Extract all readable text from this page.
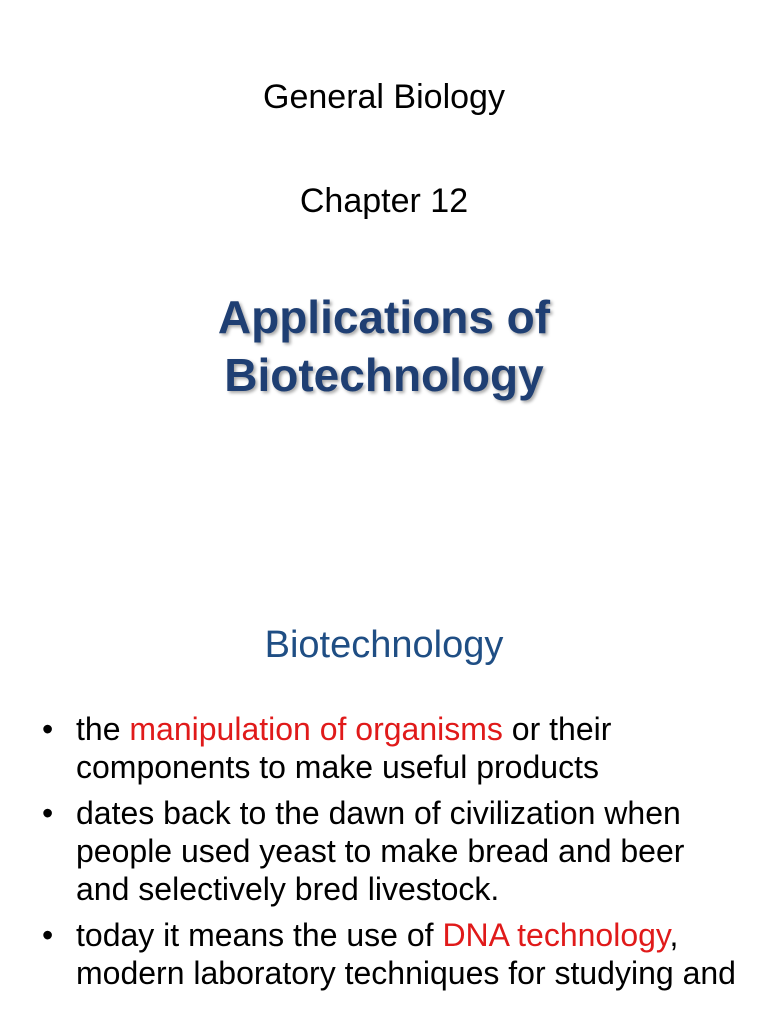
General Biology
Chapter 12
Applications of
Biotechnology
Biotechnology
• the manipulation of organisms or their components to make useful products
• dates back to the dawn of civilization when people used yeast to make bread and beer and selectively bred livestock.
• today it means the use of DNA technology, modern laboratory techniques for studying and
